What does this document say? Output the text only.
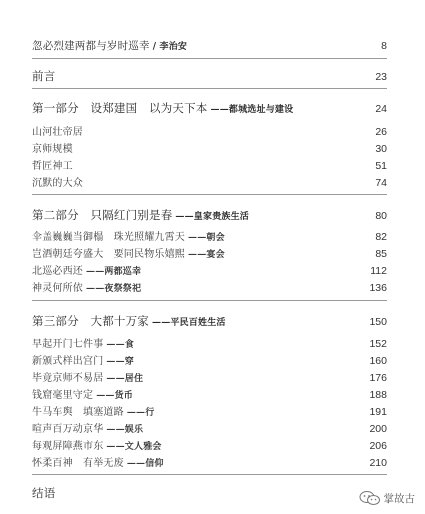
忽必烈建两都与岁时巡幸 / 李治安	8
前言	23
第一部分　设郑建国　以为天下本 ——都城选址与建设	24
山河壮帝居	26
京师规模	30
哲匠神工	51
沉默的大众	74
第二部分　只隔红门别是春 ——皇家贵族生活	80
伞盖巍巍当御榻　珠光照耀九霄天 ——朝会	82
岂酒朝廷夸盛大　要同民物乐嬉熙 ——宴会	85
北巡必西还 ——两都巡幸	112
神灵何所依 ——夜祭祭祀	136
第三部分　大都十万家 ——平民百姓生活	150
早起开门七件事 ——食	152
新颁式样出宫门 ——穿	160
毕竟京师不易居 ——居住	176
钱窟毫里守定 ——货币	188
牛马车舆　填塞道路 ——行	191
喧声百万动京华 ——娱乐	200
每观屏障燕市东 ——文人雅会	206
怀柔百神　有举无废 ——信仰	210
结语	掌故古
